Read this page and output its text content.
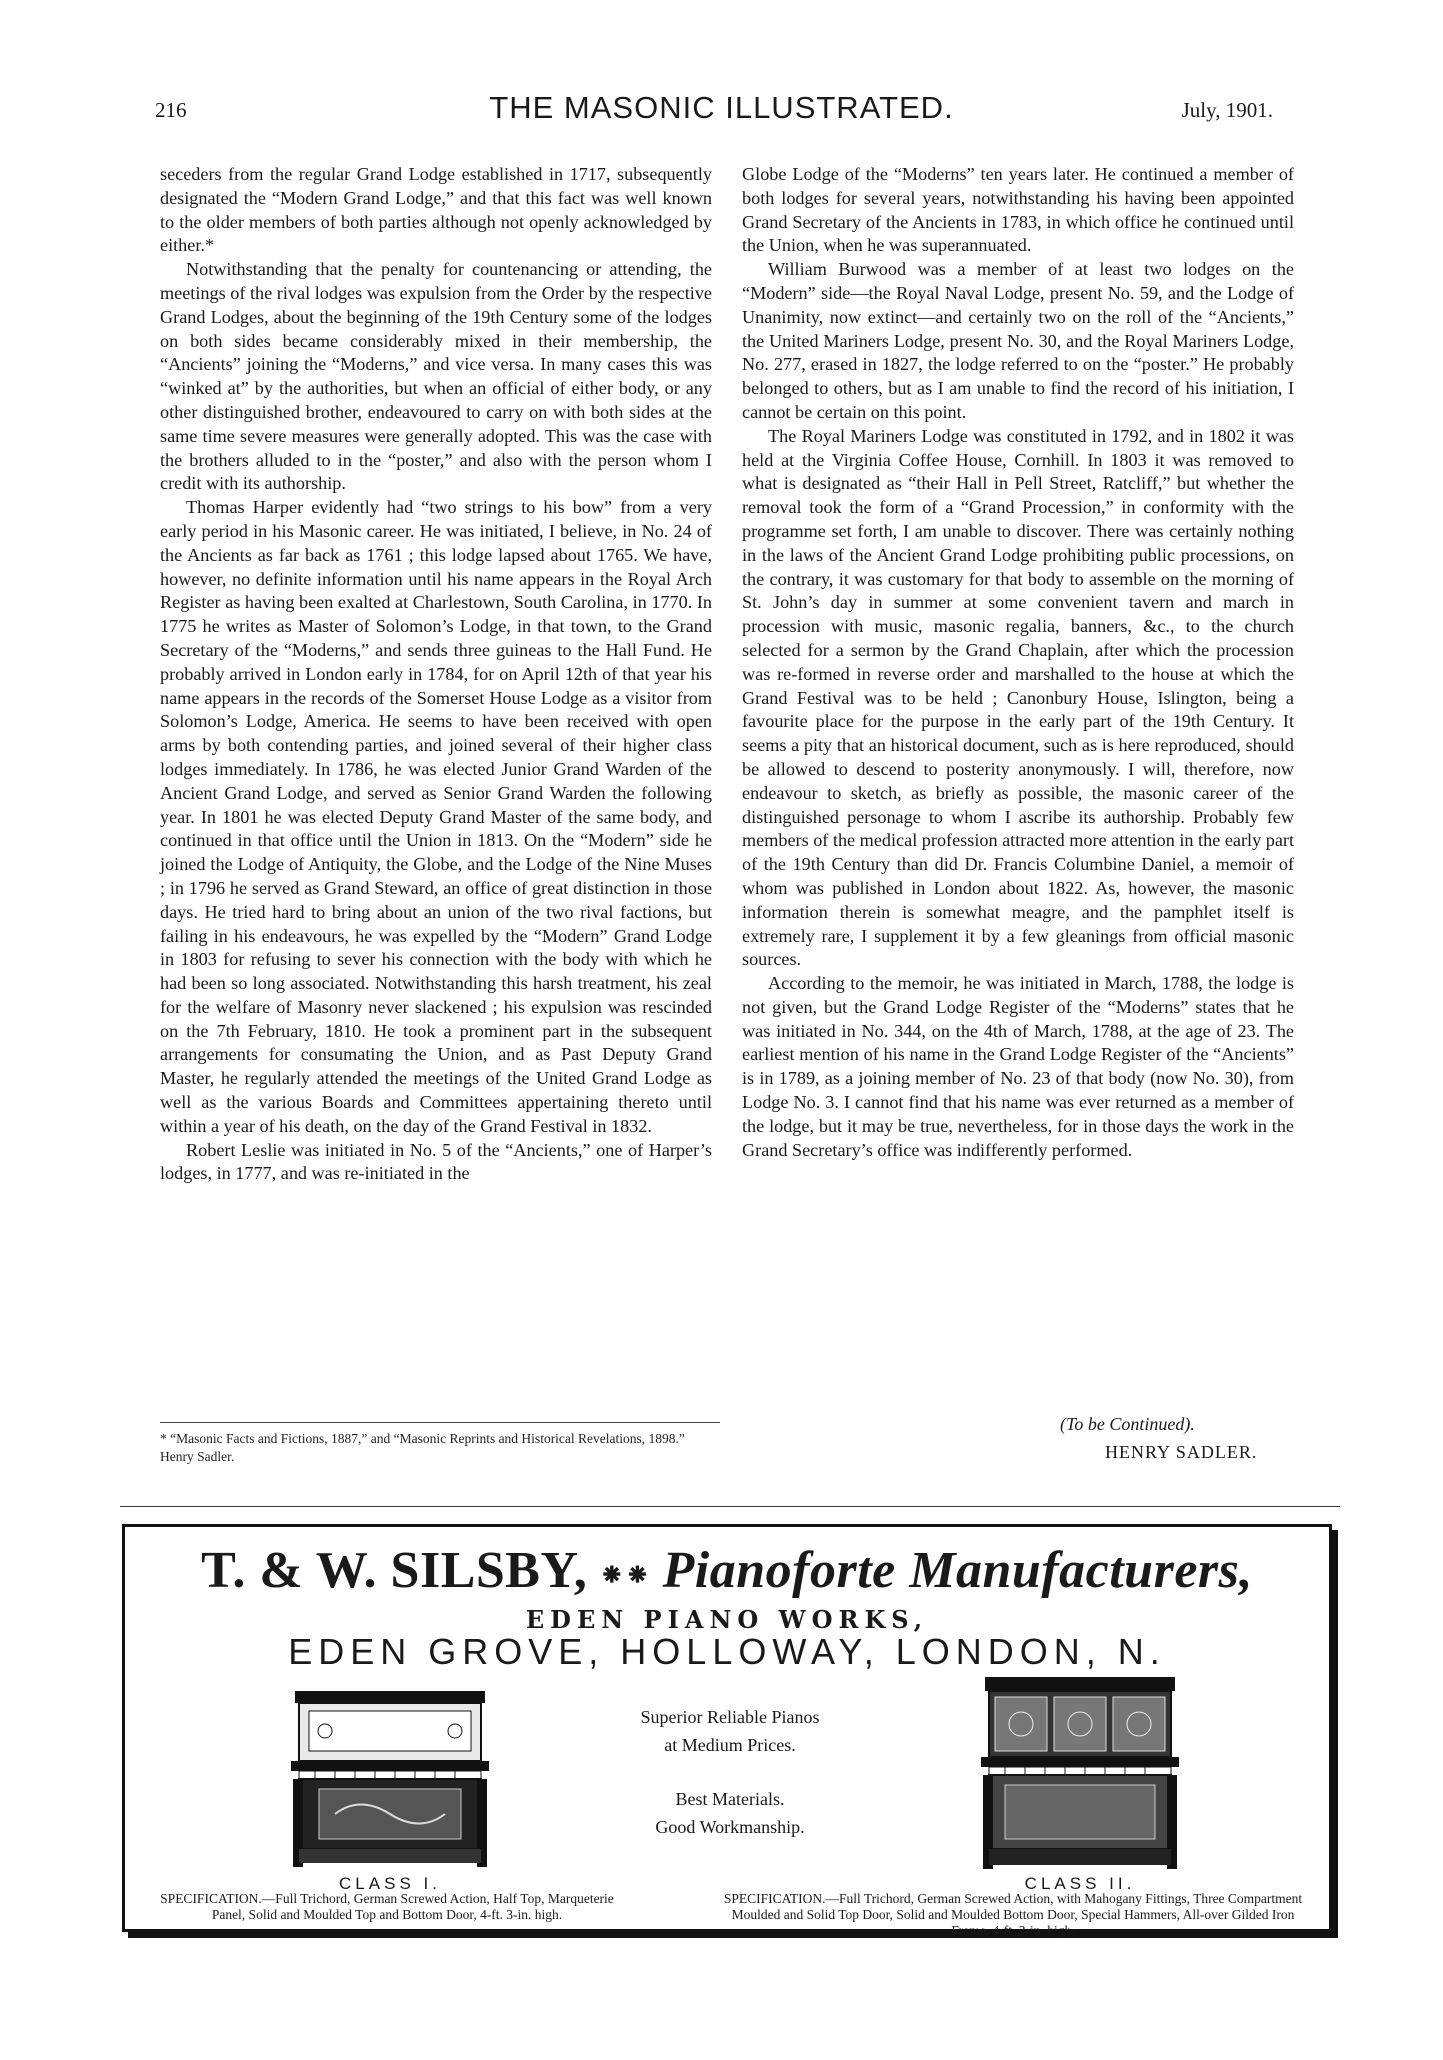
216	THE MASONIC ILLUSTRATED.	July, 1901.

seceders from the regular Grand Lodge established in 1717, subsequently designated the “Modern Grand Lodge,” and that this fact was well known to the older members of both parties although not openly acknowledged by either.*

Notwithstanding that the penalty for countenancing or attending, the meetings of the rival lodges was expulsion from the Order by the respective Grand Lodges, about the beginning of the 19th Century some of the lodges on both sides became considerably mixed in their membership, the “Ancients” joining the “Moderns,” and vice versa. In many cases this was “winked at” by the authorities, but when an official of either body, or any other distinguished brother, endeavoured to carry on with both sides at the same time severe measures were generally adopted. This was the case with the brothers alluded to in the “poster,” and also with the person whom I credit with its authorship.

Thomas Harper evidently had “two strings to his bow” from a very early period in his Masonic career. He was initiated, I believe, in No. 24 of the Ancients as far back as 1761 ; this lodge lapsed about 1765. We have, however, no definite information until his name appears in the Royal Arch Register as having been exalted at Charlestown, South Carolina, in 1770. In 1775 he writes as Master of Solomon’s Lodge, in that town, to the Grand Secretary of the “Moderns,” and sends three guineas to the Hall Fund. He probably arrived in London early in 1784, for on April 12th of that year his name appears in the records of the Somerset House Lodge as a visitor from Solomon’s Lodge, America. He seems to have been received with open arms by both contending parties, and joined several of their higher class lodges immediately. In 1786, he was elected Junior Grand Warden of the Ancient Grand Lodge, and served as Senior Grand Warden the following year. In 1801 he was elected Deputy Grand Master of the same body, and continued in that office until the Union in 1813. On the “Modern” side he joined the Lodge of Antiquity, the Globe, and the Lodge of the Nine Muses ; in 1796 he served as Grand Steward, an office of great distinction in those days. He tried hard to bring about an union of the two rival factions, but failing in his endeavours, he was expelled by the “Modern” Grand Lodge in 1803 for refusing to sever his connection with the body with which he had been so long associated. Notwithstanding this harsh treatment, his zeal for the welfare of Masonry never slackened ; his expulsion was rescinded on the 7th February, 1810. He took a prominent part in the subsequent arrangements for consumating the Union, and as Past Deputy Grand Master, he regularly attended the meetings of the United Grand Lodge as well as the various Boards and Committees appertaining thereto until within a year of his death, on the day of the Grand Festival in 1832.

Robert Leslie was initiated in No. 5 of the “Ancients,” one of Harper’s lodges, in 1777, and was re-initiated in the

* “Masonic Facts and Fictions, 1887,” and “Masonic Reprints and Historical Revelations, 1898.” Henry Sadler.

Globe Lodge of the “Moderns” ten years later. He continued a member of both lodges for several years, notwithstanding his having been appointed Grand Secretary of the Ancients in 1783, in which office he continued until the Union, when he was superannuated.

William Burwood was a member of at least two lodges on the “Modern” side—the Royal Naval Lodge, present No. 59, and the Lodge of Unanimity, now extinct—and certainly two on the roll of the “Ancients,” the United Mariners Lodge, present No. 30, and the Royal Mariners Lodge, No. 277, erased in 1827, the lodge referred to on the “poster.” He probably belonged to others, but as I am unable to find the record of his initiation, I cannot be certain on this point.

The Royal Mariners Lodge was constituted in 1792, and in 1802 it was held at the Virginia Coffee House, Cornhill. In 1803 it was removed to what is designated as “their Hall in Pell Street, Ratcliff,” but whether the removal took the form of a “Grand Procession,” in conformity with the programme set forth, I am unable to discover. There was certainly nothing in the laws of the Ancient Grand Lodge prohibiting public processions, on the contrary, it was customary for that body to assemble on the morning of St. John’s day in summer at some convenient tavern and march in procession with music, masonic regalia, banners, &c., to the church selected for a sermon by the Grand Chaplain, after which the procession was re-formed in reverse order and marshalled to the house at which the Grand Festival was to be held ; Canonbury House, Islington, being a favourite place for the purpose in the early part of the 19th Century. It seems a pity that an historical document, such as is here reproduced, should be allowed to descend to posterity anonymously. I will, therefore, now endeavour to sketch, as briefly as possible, the masonic career of the distinguished personage to whom I ascribe its authorship. Probably few members of the medical profession attracted more attention in the early part of the 19th Century than did Dr. Francis Columbine Daniel, a memoir of whom was published in London about 1822. As, however, the masonic information therein is somewhat meagre, and the pamphlet itself is extremely rare, I supplement it by a few gleanings from official masonic sources.

According to the memoir, he was initiated in March, 1788, the lodge is not given, but the Grand Lodge Register of the “Moderns” states that he was initiated in No. 344, on the 4th of March, 1788, at the age of 23. The earliest mention of his name in the Grand Lodge Register of the “Ancients” is in 1789, as a joining member of No. 23 of that body (now No. 30), from Lodge No. 3. I cannot find that his name was ever returned as a member of the lodge, but it may be true, nevertheless, for in those days the work in the Grand Secretary’s office was indifferently performed.

(To be Continued).
HENRY SADLER.
T. & W. SILSBY, ⁕⁕ Pianoforte Manufacturers,
EDEN PIANO WORKS,
EDEN GROVE, HOLLOWAY, LONDON, N.
Superior Reliable Pianos
at Medium Prices.
Best Materials.
Good Workmanship.
CLASS I.
SPECIFICATION.—Full Trichord, German Screwed Action, Half Top, Marqueterie Panel, Solid and Moulded Top and Bottom Door, 4-ft. 3-in. high.
CLASS II.
SPECIFICATION.—Full Trichord, German Screwed Action, with Mahogany Fittings, Three Compartment Moulded and Solid Top Door, Solid and Moulded Bottom Door, Special Hammers, All-over Gilded Iron Frame, 4-ft. 3-in. high.
